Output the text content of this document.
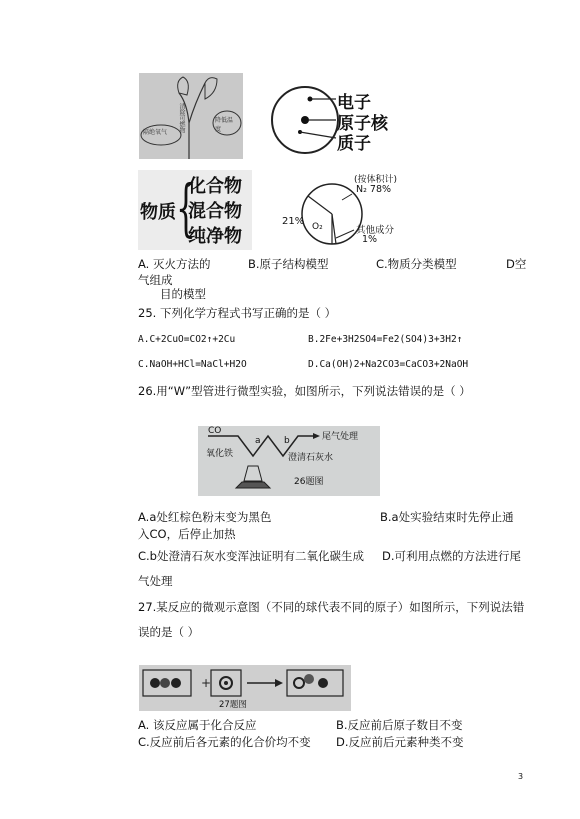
隔绝氧气
降低温度
清除可燃物	电子
原子核
质子
物质 {
化合物
混合物
纯净物
(按体积计)
N₂ 78%
21% O₂	其他成分
1%
A. 灭火方法的	B.原子结构模型	C.物质分类模型	D空
气组成
目的模型
25. 下列化学方程式书写正确的是（ ）
A.C+2CuO=CO2↑+2Cu	B.2Fe+3H2SO4=Fe2(SO4)3+3H2↑
C.NaOH+HCl=NaCl+H2O	D.Ca(OH)2+Na2CO3=CaCO3+2NaOH
26.用“W”型管进行微型实验，如图所示，下列说法错误的是（ ）
CO
a	b	尾气处理
氧化铁	澄清石灰水
26题图
A.a处红棕色粉末变为黑色	B.a处实验结束时先停止通
入CO，后停止加热
C.b处澄清石灰水变浑浊证明有二氧化碳生成 D.可利用点燃的方法进行尾
气处理
27.某反应的微观示意图（不同的球代表不同的原子）如图所示，下列说法错
误的是（ ）
+
27题图
A. 该反应属于化合反应	B.反应前后原子数目不变
C.反应前后各元素的化合价均不变 D.反应前后元素种类不变
3
